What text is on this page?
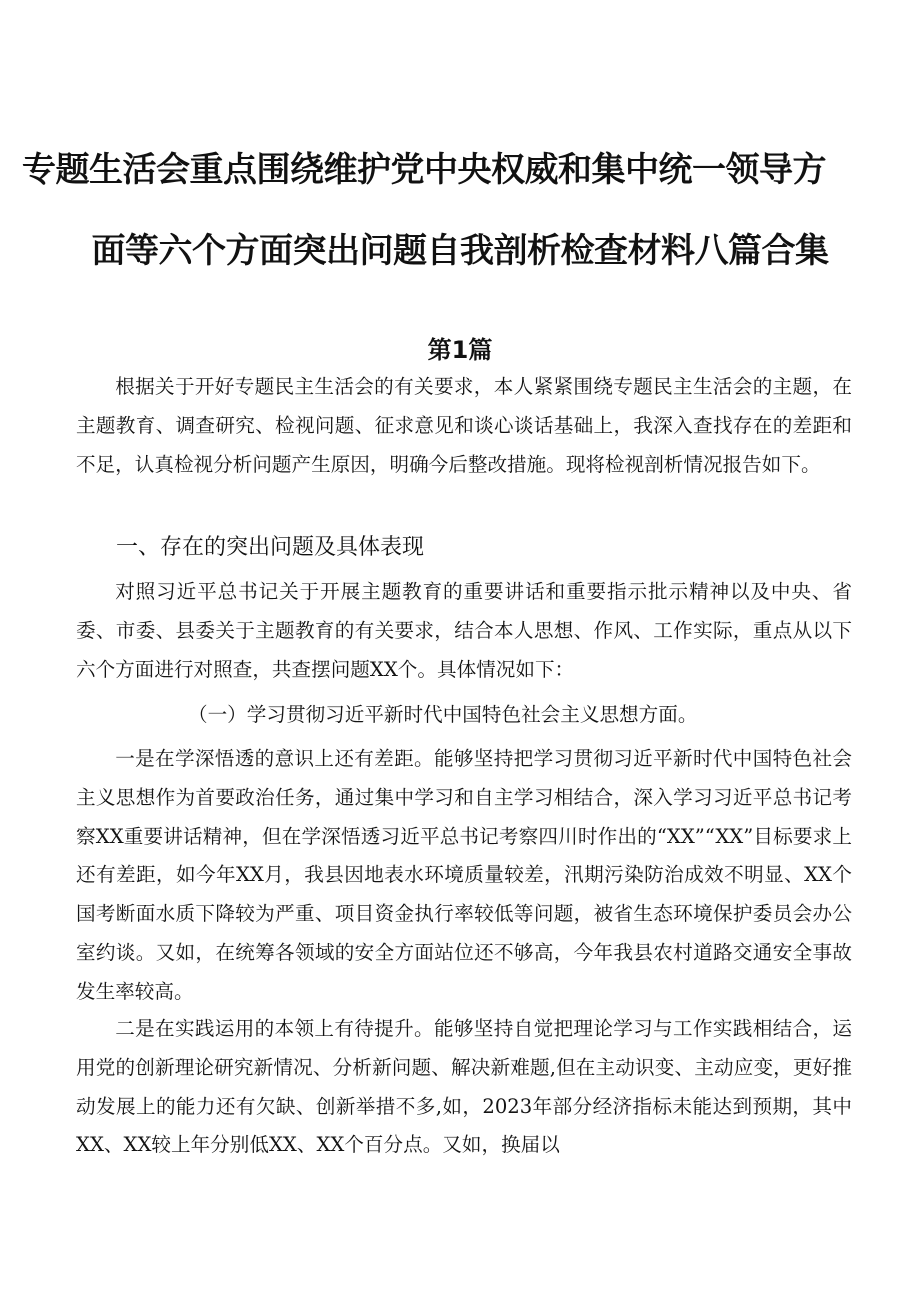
专题生活会重点围绕维护党中央权威和集中统一领导方
面等六个方面突出问题自我剖析检查材料八篇合集
第1篇

根据关于开好专题民主生活会的有关要求，本人紧紧围绕专题民主生活会的主题，在主题教育、调查研究、检视问题、征求意见和谈心谈话基础上，我深入查找存在的差距和不足，认真检视分析问题产生原因，明确今后整改措施。现将检视剖析情况报告如下。

一、存在的突出问题及具体表现

对照习近平总书记关于开展主题教育的重要讲话和重要指示批示精神以及中央、省委、市委、县委关于主题教育的有关要求，结合本人思想、作风、工作实际，重点从以下六个方面进行对照查，共查摆问题XX个。具体情况如下：

（一）学习贯彻习近平新时代中国特色社会主义思想方面。

一是在学深悟透的意识上还有差距。能够坚持把学习贯彻习近平新时代中国特色社会主义思想作为首要政治任务，通过集中学习和自主学习相结合，深入学习习近平总书记考察XX重要讲话精神，但在学深悟透习近平总书记考察四川时作出的“XX”“XX”目标要求上还有差距，如今年XX月，我县因地表水环境质量较差，汛期污染防治成效不明显、XX个国考断面水质下降较为严重、项目资金执行率较低等问题，被省生态环境保护委员会办公室约谈。又如，在统筹各领域的安全方面站位还不够高，今年我县农村道路交通安全事故发生率较高。

二是在实践运用的本领上有待提升。能够坚持自觉把理论学习与工作实践相结合，运用党的创新理论研究新情况、分析新问题、解决新难题,但在主动识变、主动应变，更好推动发展上的能力还有欠缺、创新举措不多,如，2023年部分经济指标未能达到预期，其中XX、XX较上年分别低XX、XX个百分点。又如，换届以
